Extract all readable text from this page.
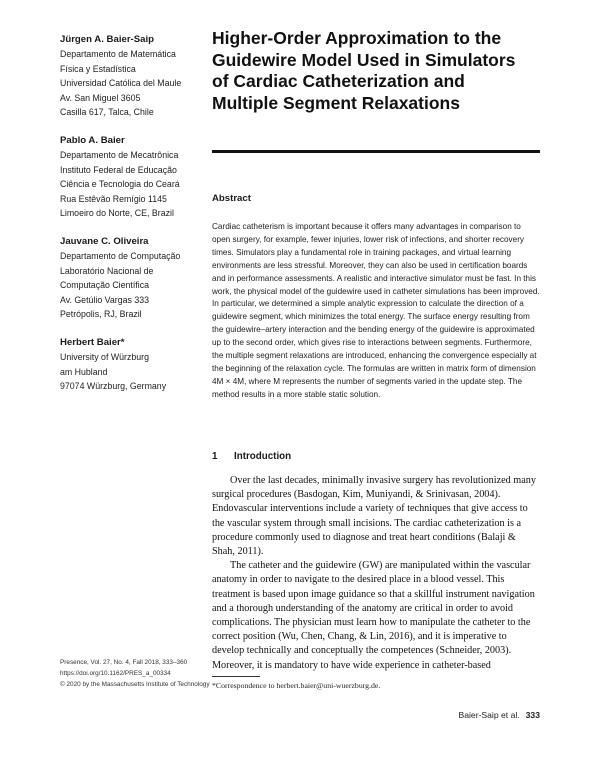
Jürgen A. Baier-Saip

Departamento de Matemática

Física y Estadística

Universidad Católica del Maule

Av. San Miguel 3605

Casilla 617, Talca, Chile

Pablo A. Baier

Departamento de Mecatrônica

Instituto Federal de Educação

Ciência e Tecnologia do Ceará

Rua Estêvão Remígio 1145

Limoeiro do Norte, CE, Brazil

Jauvane C. Oliveira

Departamento de Computação

Laboratório Nacional de

Computação Científica

Av. Getúlio Vargas 333

Petrópolis, RJ, Brazil

Herbert Baier*

University of Würzburg

am Hubland

97074 Würzburg, Germany

Higher-Order Approximation to the Guidewire Model Used in Simulators of Cardiac Catheterization and Multiple Segment Relaxations
Abstract

Cardiac catheterism is important because it offers many advantages in comparison to open surgery, for example, fewer injuries, lower risk of infections, and shorter recovery times. Simulators play a fundamental role in training packages, and virtual learning environments are less stressful. Moreover, they can also be used in certification boards and in performance assessments. A realistic and interactive simulator must be fast. In this work, the physical model of the guidewire used in catheter simulations has been improved. In particular, we determined a simple analytic expression to calculate the direction of a guidewire segment, which minimizes the total energy. The surface energy resulting from the guidewire–artery interaction and the bending energy of the guidewire is approximated up to the second order, which gives rise to interactions between segments. Furthermore, the multiple segment relaxations are introduced, enhancing the convergence especially at the beginning of the relaxation cycle. The formulas are written in matrix form of dimension 4M × 4M, where M represents the number of segments varied in the update step. The method results in a more stable static solution.

1 Introduction

Over the last decades, minimally invasive surgery has revolutionized many surgical procedures (Basdogan, Kim, Muniyandi, & Srinivasan, 2004). Endovascular interventions include a variety of techniques that give access to the vascular system through small incisions. The cardiac catheterization is a procedure commonly used to diagnose and treat heart conditions (Balaji & Shah, 2011).

The catheter and the guidewire (GW) are manipulated within the vascular anatomy in order to navigate to the desired place in a blood vessel. This treatment is based upon image guidance so that a skillful instrument navigation and a thorough understanding of the anatomy are critical in order to avoid complications. The physician must learn how to manipulate the catheter to the correct position (Wu, Chen, Chang, & Lin, 2016), and it is imperative to develop technically and conceptually the competences (Schneider, 2003). Moreover, it is mandatory to have wide experience in catheter-based

Presence, Vol. 27, No. 4, Fall 2018, 333–360
https://doi.org/10.1162/PRES_a_00334
© 2020 by the Massachusetts Institute of Technology *Correspondence to herbert.baier@uni-wuerzburg.de.

Baier-Saip et al. 333
